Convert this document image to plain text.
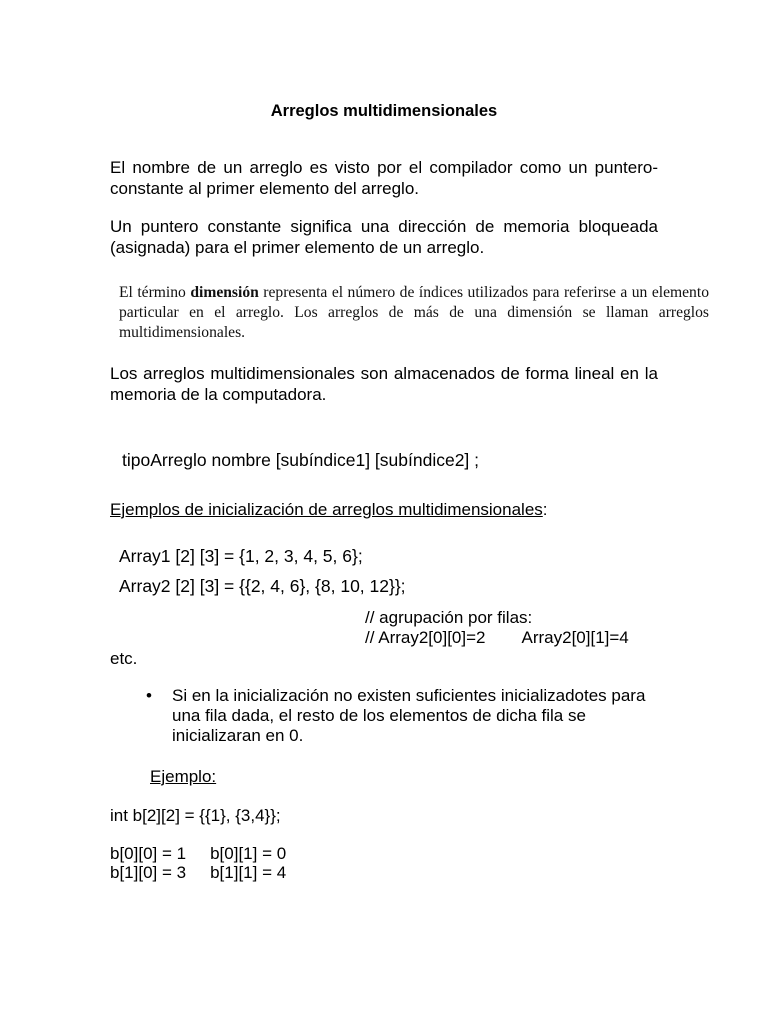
Arreglos multidimensionales
El nombre de un arreglo es visto por el compilador como un puntero-constante al primer elemento del arreglo.
Un puntero constante significa una dirección de memoria bloqueada (asignada) para el primer elemento de un arreglo.
El término dimensión representa el número de índices utilizados para referirse a un elemento particular en el arreglo. Los arreglos de más de una dimensión se llaman arreglos multidimensionales.
Los arreglos multidimensionales son almacenados de forma lineal en la memoria de la computadora.
tipoArreglo nombre [subíndice1] [subíndice2] ;
Ejemplos de inicialización de arreglos multidimensionales:
Array1 [2] [3] = {1, 2, 3, 4, 5, 6};
Array2 [2] [3] = {{2, 4, 6}, {8, 10, 12}};
// agrupación por filas:
// Array2[0][0]=2 Array2[0][1]=4
etc.
• Si en la inicialización no existen suficientes inicializadotes para una fila dada, el resto de los elementos de dicha fila se inicializaran en 0.
Ejemplo:
int b[2][2] = {{1}, {3,4}};
b[0][0] = 1 b[0][1] = 0
b[1][0] = 3 b[1][1] = 4
